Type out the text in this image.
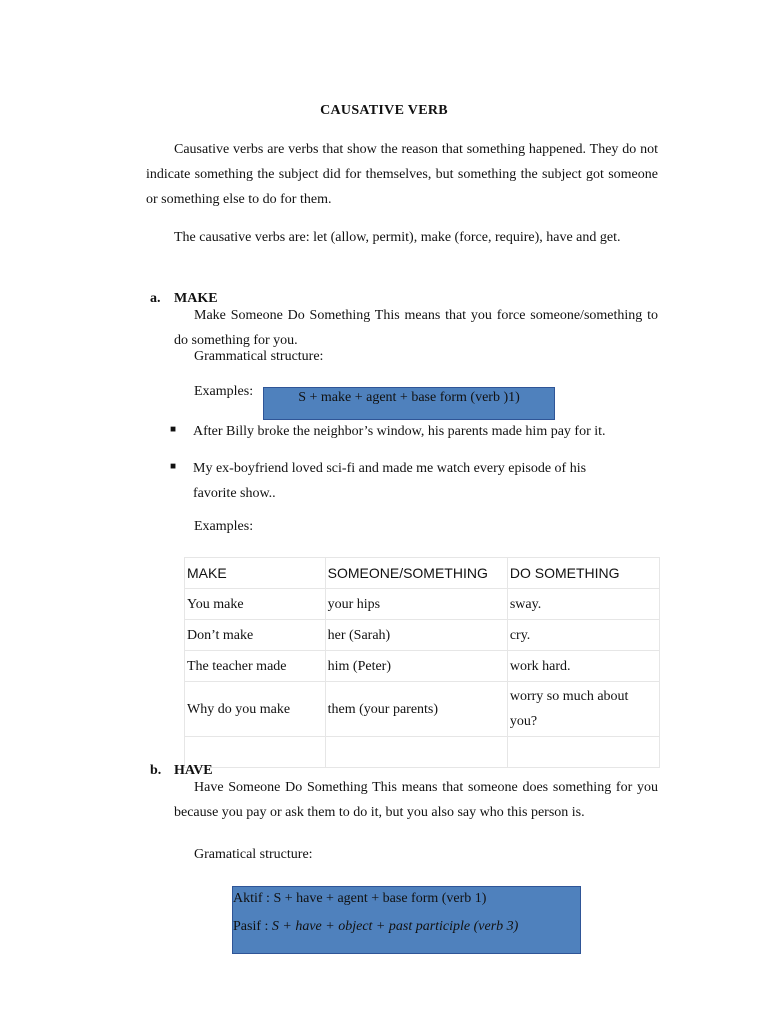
CAUSATIVE VERB
Causative verbs are verbs that show the reason that something happened. They do not indicate something the subject did for themselves, but something the subject got someone or something else to do for them.
The causative verbs are: let (allow, permit), make (force, require), have and get.
a. MAKE
Make Someone Do Something This means that you force someone/something to do something for you.
Grammatical structure:
Examples:	S + make + agent + base form (verb )1)
■ After Billy broke the neighbor’s window, his parents made him pay for it.
■ My ex-boyfriend loved sci-fi and made me watch every episode of his favorite show..
Examples:
MAKE	SOMEONE/SOMETHING	DO SOMETHING
You make	your hips	sway.
Don’t make	her (Sarah)	cry.
The teacher made	him (Peter)	work hard.
Why do you make	them (your parents)	worry so much about you?

b. HAVE
Have Someone Do Something This means that someone does something for you because you pay or ask them to do it, but you also say who this person is.
Gramatical structure:
Aktif : S + have + agent + base form (verb 1)
Pasif : S + have + object + past participle (verb 3)
